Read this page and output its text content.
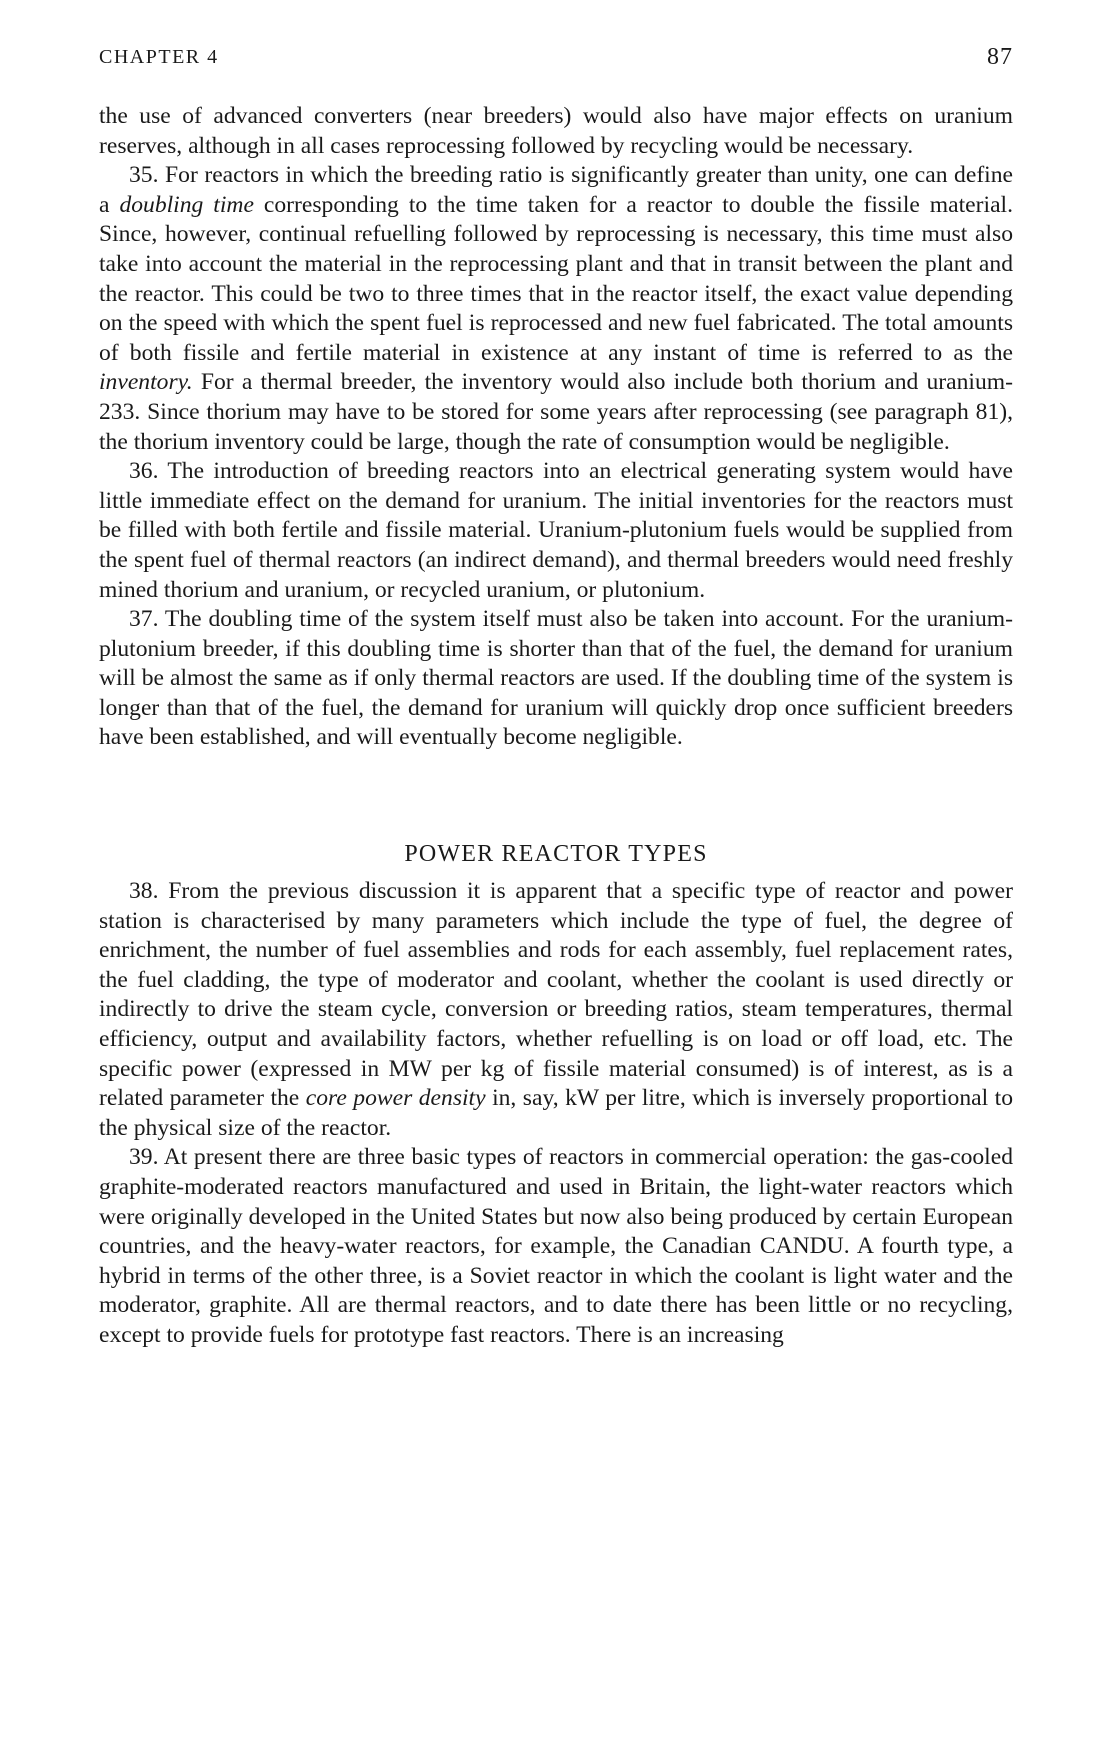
CHAPTER 4	87

the use of advanced converters (near breeders) would also have major effects on uranium reserves, although in all cases reprocessing followed by recycling would be necessary.

35. For reactors in which the breeding ratio is significantly greater than unity, one can define a doubling time corresponding to the time taken for a reactor to double the fissile material. Since, however, continual refuelling followed by reprocessing is necessary, this time must also take into account the material in the reprocessing plant and that in transit between the plant and the reactor. This could be two to three times that in the reactor itself, the exact value depending on the speed with which the spent fuel is reprocessed and new fuel fabricated. The total amounts of both fissile and fertile material in existence at any instant of time is referred to as the inventory. For a thermal breeder, the inventory would also include both thorium and uranium-233. Since thorium may have to be stored for some years after reprocessing (see paragraph 81), the thorium inventory could be large, though the rate of consumption would be negligible.

36. The introduction of breeding reactors into an electrical generating system would have little immediate effect on the demand for uranium. The initial inventories for the reactors must be filled with both fertile and fissile material. Uranium-plutonium fuels would be supplied from the spent fuel of thermal reactors (an indirect demand), and thermal breeders would need freshly mined thorium and uranium, or recycled uranium, or plutonium.

37. The doubling time of the system itself must also be taken into account. For the uranium-plutonium breeder, if this doubling time is shorter than that of the fuel, the demand for uranium will be almost the same as if only thermal reactors are used. If the doubling time of the system is longer than that of the fuel, the demand for uranium will quickly drop once sufficient breeders have been established, and will eventually become negligible.

POWER REACTOR TYPES

38. From the previous discussion it is apparent that a specific type of reactor and power station is characterised by many parameters which include the type of fuel, the degree of enrichment, the number of fuel assemblies and rods for each assembly, fuel replacement rates, the fuel cladding, the type of moderator and coolant, whether the coolant is used directly or indirectly to drive the steam cycle, conversion or breeding ratios, steam temperatures, thermal efficiency, output and availability factors, whether refuelling is on load or off load, etc. The specific power (expressed in MW per kg of fissile material consumed) is of interest, as is a related parameter the core power density in, say, kW per litre, which is inversely proportional to the physical size of the reactor.

39. At present there are three basic types of reactors in commercial operation: the gas-cooled graphite-moderated reactors manufactured and used in Britain, the light-water reactors which were originally developed in the United States but now also being produced by certain European countries, and the heavy-water reactors, for example, the Canadian CANDU. A fourth type, a hybrid in terms of the other three, is a Soviet reactor in which the coolant is light water and the moderator, graphite. All are thermal reactors, and to date there has been little or no recycling, except to provide fuels for prototype fast reactors. There is an increasing
